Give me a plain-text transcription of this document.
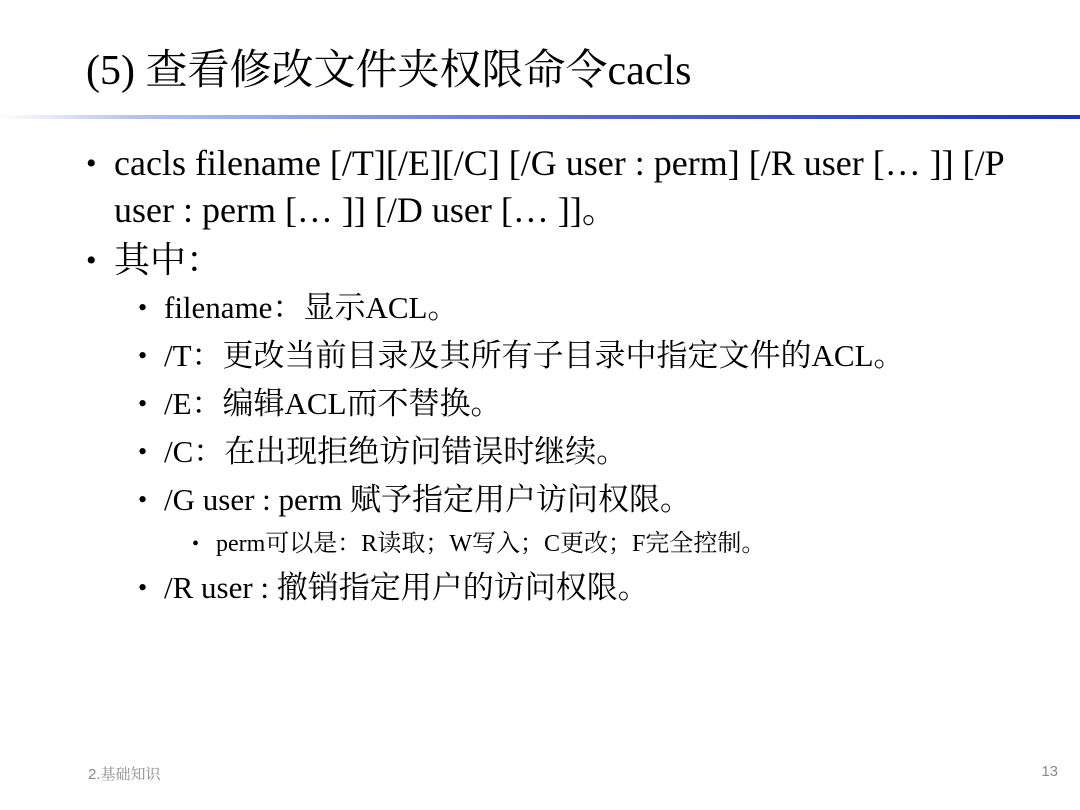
(5) 查看修改文件夹权限命令cacls
• cacls filename [/T][/E][/C] [/G user : perm] [/R user [… ]] [/P user : perm [… ]] [/D user [… ]]。
• 其中：
• filename：显示ACL。
• /T：更改当前目录及其所有子目录中指定文件的ACL。
• /E：编辑ACL而不替换。
• /C：在出现拒绝访问错误时继续。
• /G user : perm 赋予指定用户访问权限。
• perm可以是：R读取；W写入；C更改；F完全控制。
• /R user : 撤销指定用户的访问权限。
2.基础知识	13
